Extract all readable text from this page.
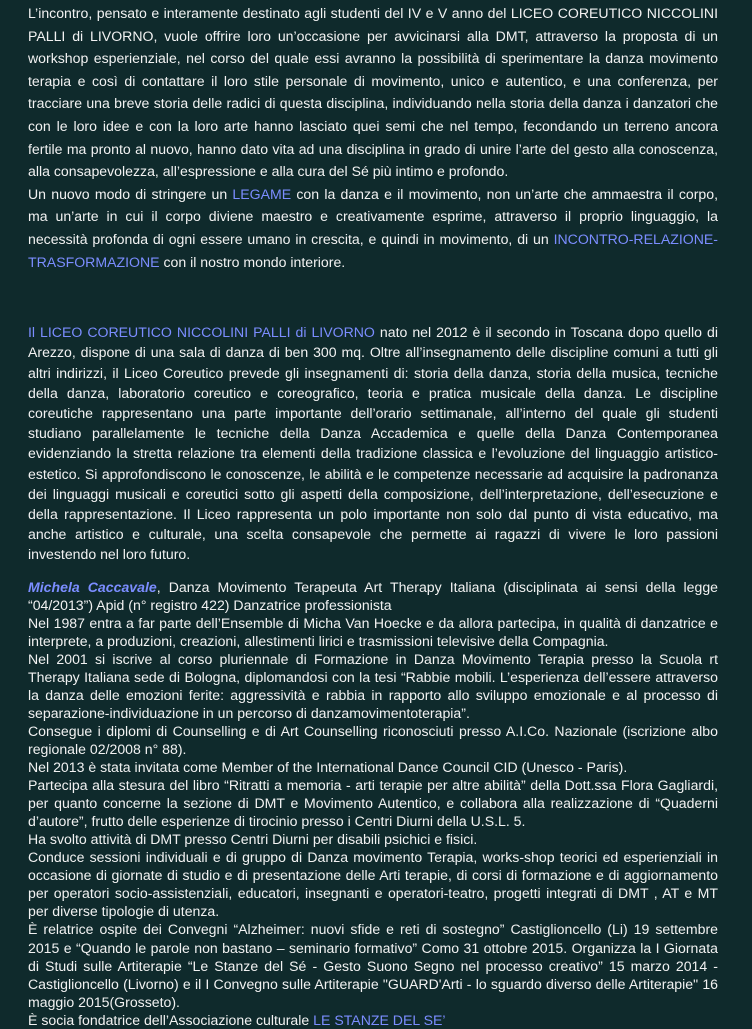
L’incontro, pensato e interamente destinato agli studenti del IV e V anno del LICEO COREUTICO NICCOLINI PALLI di LIVORNO, vuole offrire loro un’occasione per avvicinarsi alla DMT, attraverso la proposta di un workshop esperienziale, nel corso del quale essi avranno la possibilità di sperimentare la danza movimento terapia e così di contattare il loro stile personale di movimento, unico e autentico, e una conferenza, per tracciare una breve storia delle radici di questa disciplina, individuando nella storia della danza i danzatori che con le loro idee e con la loro arte hanno lasciato quei semi che nel tempo, fecondando un terreno ancora fertile ma pronto al nuovo, hanno dato vita ad una disciplina in grado di unire l’arte del gesto alla conoscenza, alla consapevolezza, all’espressione e alla cura del Sé più intimo e profondo.

Un nuovo modo di stringere un LEGAME con la danza e il movimento, non un’arte che ammaestra il corpo, ma un’arte in cui il corpo diviene maestro e creativamente esprime, attraverso il proprio linguaggio, la necessità profonda di ogni essere umano in crescita, e quindi in movimento, di un INCONTRO-RELAZIONE-TRASFORMAZIONE con il nostro mondo interiore.

Il LICEO COREUTICO NICCOLINI PALLI di LIVORNO nato nel 2012 è il secondo in Toscana dopo quello di Arezzo, dispone di una sala di danza di ben 300 mq. Oltre all’insegnamento delle discipline comuni a tutti gli altri indirizzi, il Liceo Coreutico prevede gli insegnamenti di: storia della danza, storia della musica, tecniche della danza, laboratorio coreutico e coreografico, teoria e pratica musicale della danza. Le discipline coreutiche rappresentano una parte importante dell’orario settimanale, all’interno del quale gli studenti studiano parallelamente le tecniche della Danza Accademica e quelle della Danza Contemporanea evidenziando la stretta relazione tra elementi della tradizione classica e l’evoluzione del linguaggio artistico-estetico. Si approfondiscono le conoscenze, le abilità e le competenze necessarie ad acquisire la padronanza dei linguaggi musicali e coreutici sotto gli aspetti della composizione, dell’interpretazione, dell’esecuzione e della rappresentazione. Il Liceo rappresenta un polo importante non solo dal punto di vista educativo, ma anche artistico e culturale, una scelta consapevole che permette ai ragazzi di vivere le loro passioni investendo nel loro futuro.

Michela Caccavale, Danza Movimento Terapeuta Art Therapy Italiana (disciplinata ai sensi della legge “04/2013”) Apid (n° registro 422) Danzatrice professionista

Nel 1987 entra a far parte dell’Ensemble di Micha Van Hoecke e da allora partecipa, in qualità di danzatrice e interprete, a produzioni, creazioni, allestimenti lirici e trasmissioni televisive della Compagnia.

Nel 2001 si iscrive al corso pluriennale di Formazione in Danza Movimento Terapia presso la Scuola rt Therapy Italiana sede di Bologna, diplomandosi con la tesi “Rabbie mobili. L’esperienza dell’essere attraverso la danza delle emozioni ferite: aggressività e rabbia in rapporto allo sviluppo emozionale e al processo di separazione-individuazione in un percorso di danzamovimentoterapia”.

Consegue i diplomi di Counselling e di Art Counselling riconosciuti presso A.I.Co. Nazionale (iscrizione albo regionale 02/2008 n° 88).

Nel 2013 è stata invitata come Member of the International Dance Council CID (Unesco - Paris).

Partecipa alla stesura del libro “Ritratti a memoria - arti terapie per altre abilità” della Dott.ssa Flora Gagliardi, per quanto concerne la sezione di DMT e Movimento Autentico, e collabora alla realizzazione di “Quaderni d’autore”, frutto delle esperienze di tirocinio presso i Centri Diurni della U.S.L. 5.

Ha svolto attività di DMT presso Centri Diurni per disabili psichici e fisici.

Conduce sessioni individuali e di gruppo di Danza movimento Terapia, works-shop teorici ed esperienziali in occasione di giornate di studio e di presentazione delle Arti terapie, di corsi di formazione e di aggiornamento per operatori socio-assistenziali, educatori, insegnanti e operatori-teatro, progetti integrati di DMT , AT e MT per diverse tipologie di utenza.

È relatrice ospite dei Convegni “Alzheimer: nuovi sfide e reti di sostegno” Castiglioncello (Li) 19 settembre 2015 e “Quando le parole non bastano – seminario formativo” Como 31 ottobre 2015. Organizza la I Giornata di Studi sulle Artiterapie “Le Stanze del Sé - Gesto Suono Segno nel processo creativo” 15 marzo 2014 - Castiglioncello (Livorno) e il I Convegno sulle Artiterapie "GUARD'Arti - lo sguardo diverso delle Artiterapie" 16 maggio 2015(Grosseto).

È socia fondatrice dell’Associazione culturale LE STANZE DEL SE’
